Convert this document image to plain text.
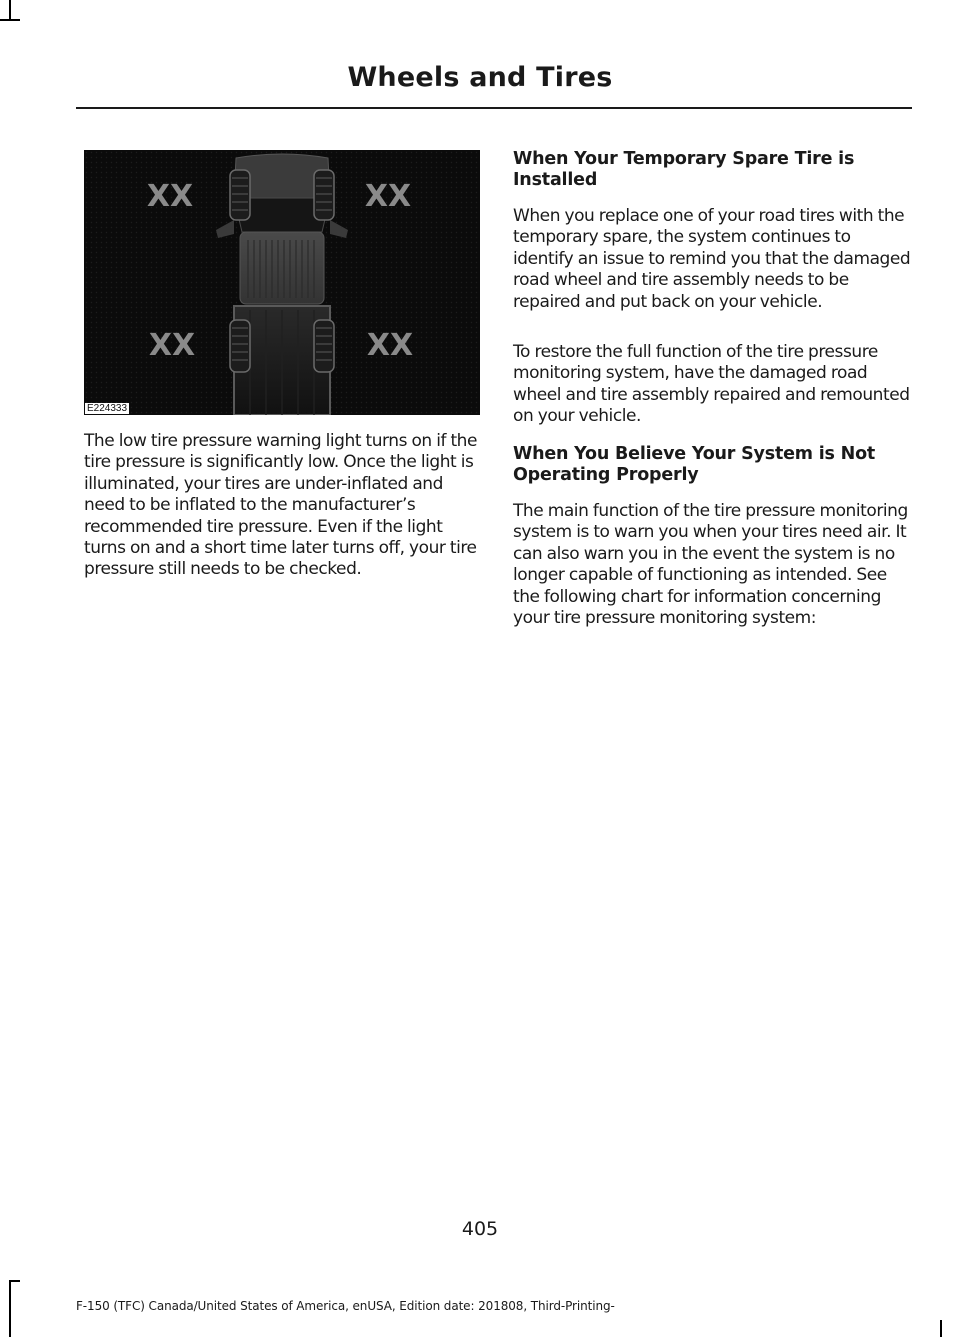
Wheels and Tires
XX	XX
XX	XX
E224333

The low tire pressure warning light turns on if the tire pressure is significantly low. Once the light is illuminated, your tires are under-inflated and need to be inflated to the manufacturer’s recommended tire pressure. Even if the light turns on and a short time later turns off, your tire pressure still needs to be checked.

When Your Temporary Spare Tire is Installed

When you replace one of your road tires with the temporary spare, the system continues to identify an issue to remind you that the damaged road wheel and tire assembly needs to be repaired and put back on your vehicle.

To restore the full function of the tire pressure monitoring system, have the damaged road wheel and tire assembly repaired and remounted on your vehicle.

When You Believe Your System is Not Operating Properly

The main function of the tire pressure monitoring system is to warn you when your tires need air. It can also warn you in the event the system is no longer capable of functioning as intended. See the following chart for information concerning your tire pressure monitoring system:

405

F-150 (TFC) Canada/United States of America, enUSA, Edition date: 201808, Third-Printing-
